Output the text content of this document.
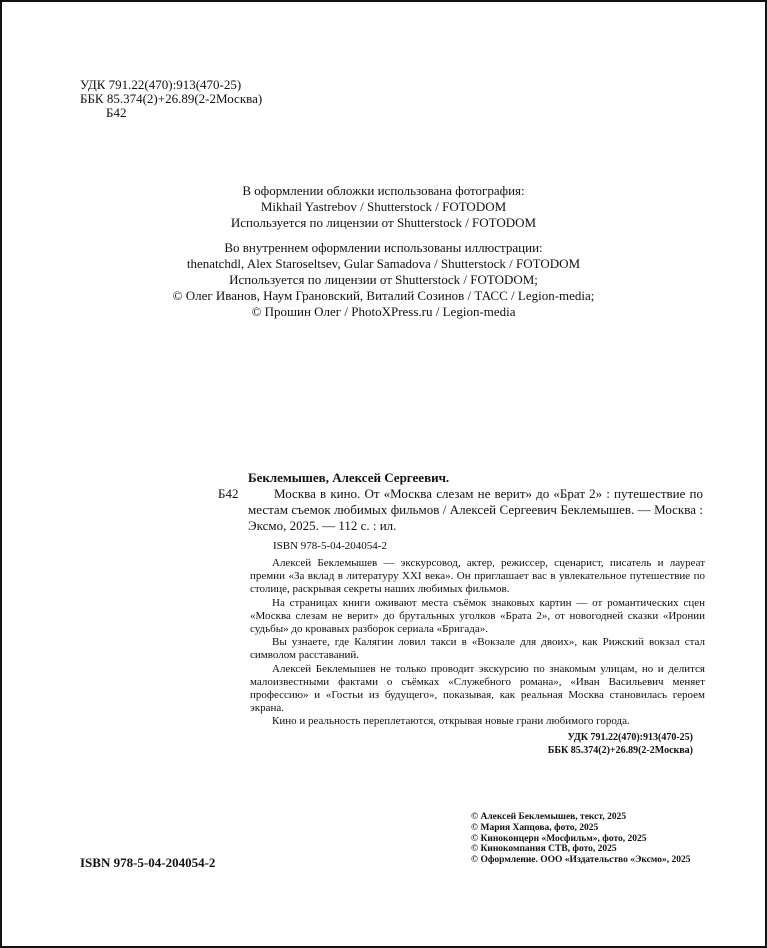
УДК 791.22(470):913(470-25)
ББК 85.374(2)+26.89(2-2Москва)
Б42
В оформлении обложки использована фотография:
Mikhail Yastrebov / Shutterstock / FOTODOM
Используется по лицензии от Shutterstock / FOTODOM
Во внутреннем оформлении использованы иллюстрации:
thenatchdl, Alex Staroseltsev, Gular Samadova / Shutterstock / FOTODOM
Используется по лицензии от Shutterstock / FOTODOM;
© Олег Иванов, Наум Грановский, Виталий Созинов / ТАСС / Legion-media;
© Прошин Олег / PhotoXPress.ru / Legion-media
Беклемышев, Алексей Сергеевич.
Б42	Москва в кино. От «Москва слезам не верит» до «Брат 2» : путешествие по местам съемок любимых фильмов / Алексей Сергеевич Беклемышев. — Москва : Эксмо, 2025. — 112 с. : ил.

ISBN 978-5-04-204054-2

Алексей Беклемышев — экскурсовод, актер, режиссер, сценарист, писатель и лауреат премии «За вклад в литературу XXI века». Он приглашает вас в увлекательное путешествие по столице, раскрывая секреты наших любимых фильмов.

На страницах книги оживают места съёмок знаковых картин — от романтических сцен «Москва слезам не верит» до брутальных уголков «Брата 2», от новогодней сказки «Иронии судьбы» до кровавых разборок сериала «Бригада».

Вы узнаете, где Калягин ловил такси в «Вокзале для двоих», как Рижский вокзал стал символом расставаний.

Алексей Беклемышев не только проводит экскурсию по знакомым улицам, но и делится малоизвестными фактами о съёмках «Служебного романа», «Иван Васильевич меняет профессию» и «Гостьи из будущего», показывая, как реальная Москва становилась героем экрана.

Кино и реальность переплетаются, открывая новые грани любимого города.

УДК 791.22(470):913(470-25)
ББК 85.374(2)+26.89(2-2Москва)
© Алексей Беклемышев, текст, 2025
© Мария Хапцова, фото, 2025
© Киноконцерн «Мосфильм», фото, 2025
© Кинокомпания СТВ, фото, 2025
© Оформление. ООО «Издательство «Эксмо», 2025
ISBN 978-5-04-204054-2
